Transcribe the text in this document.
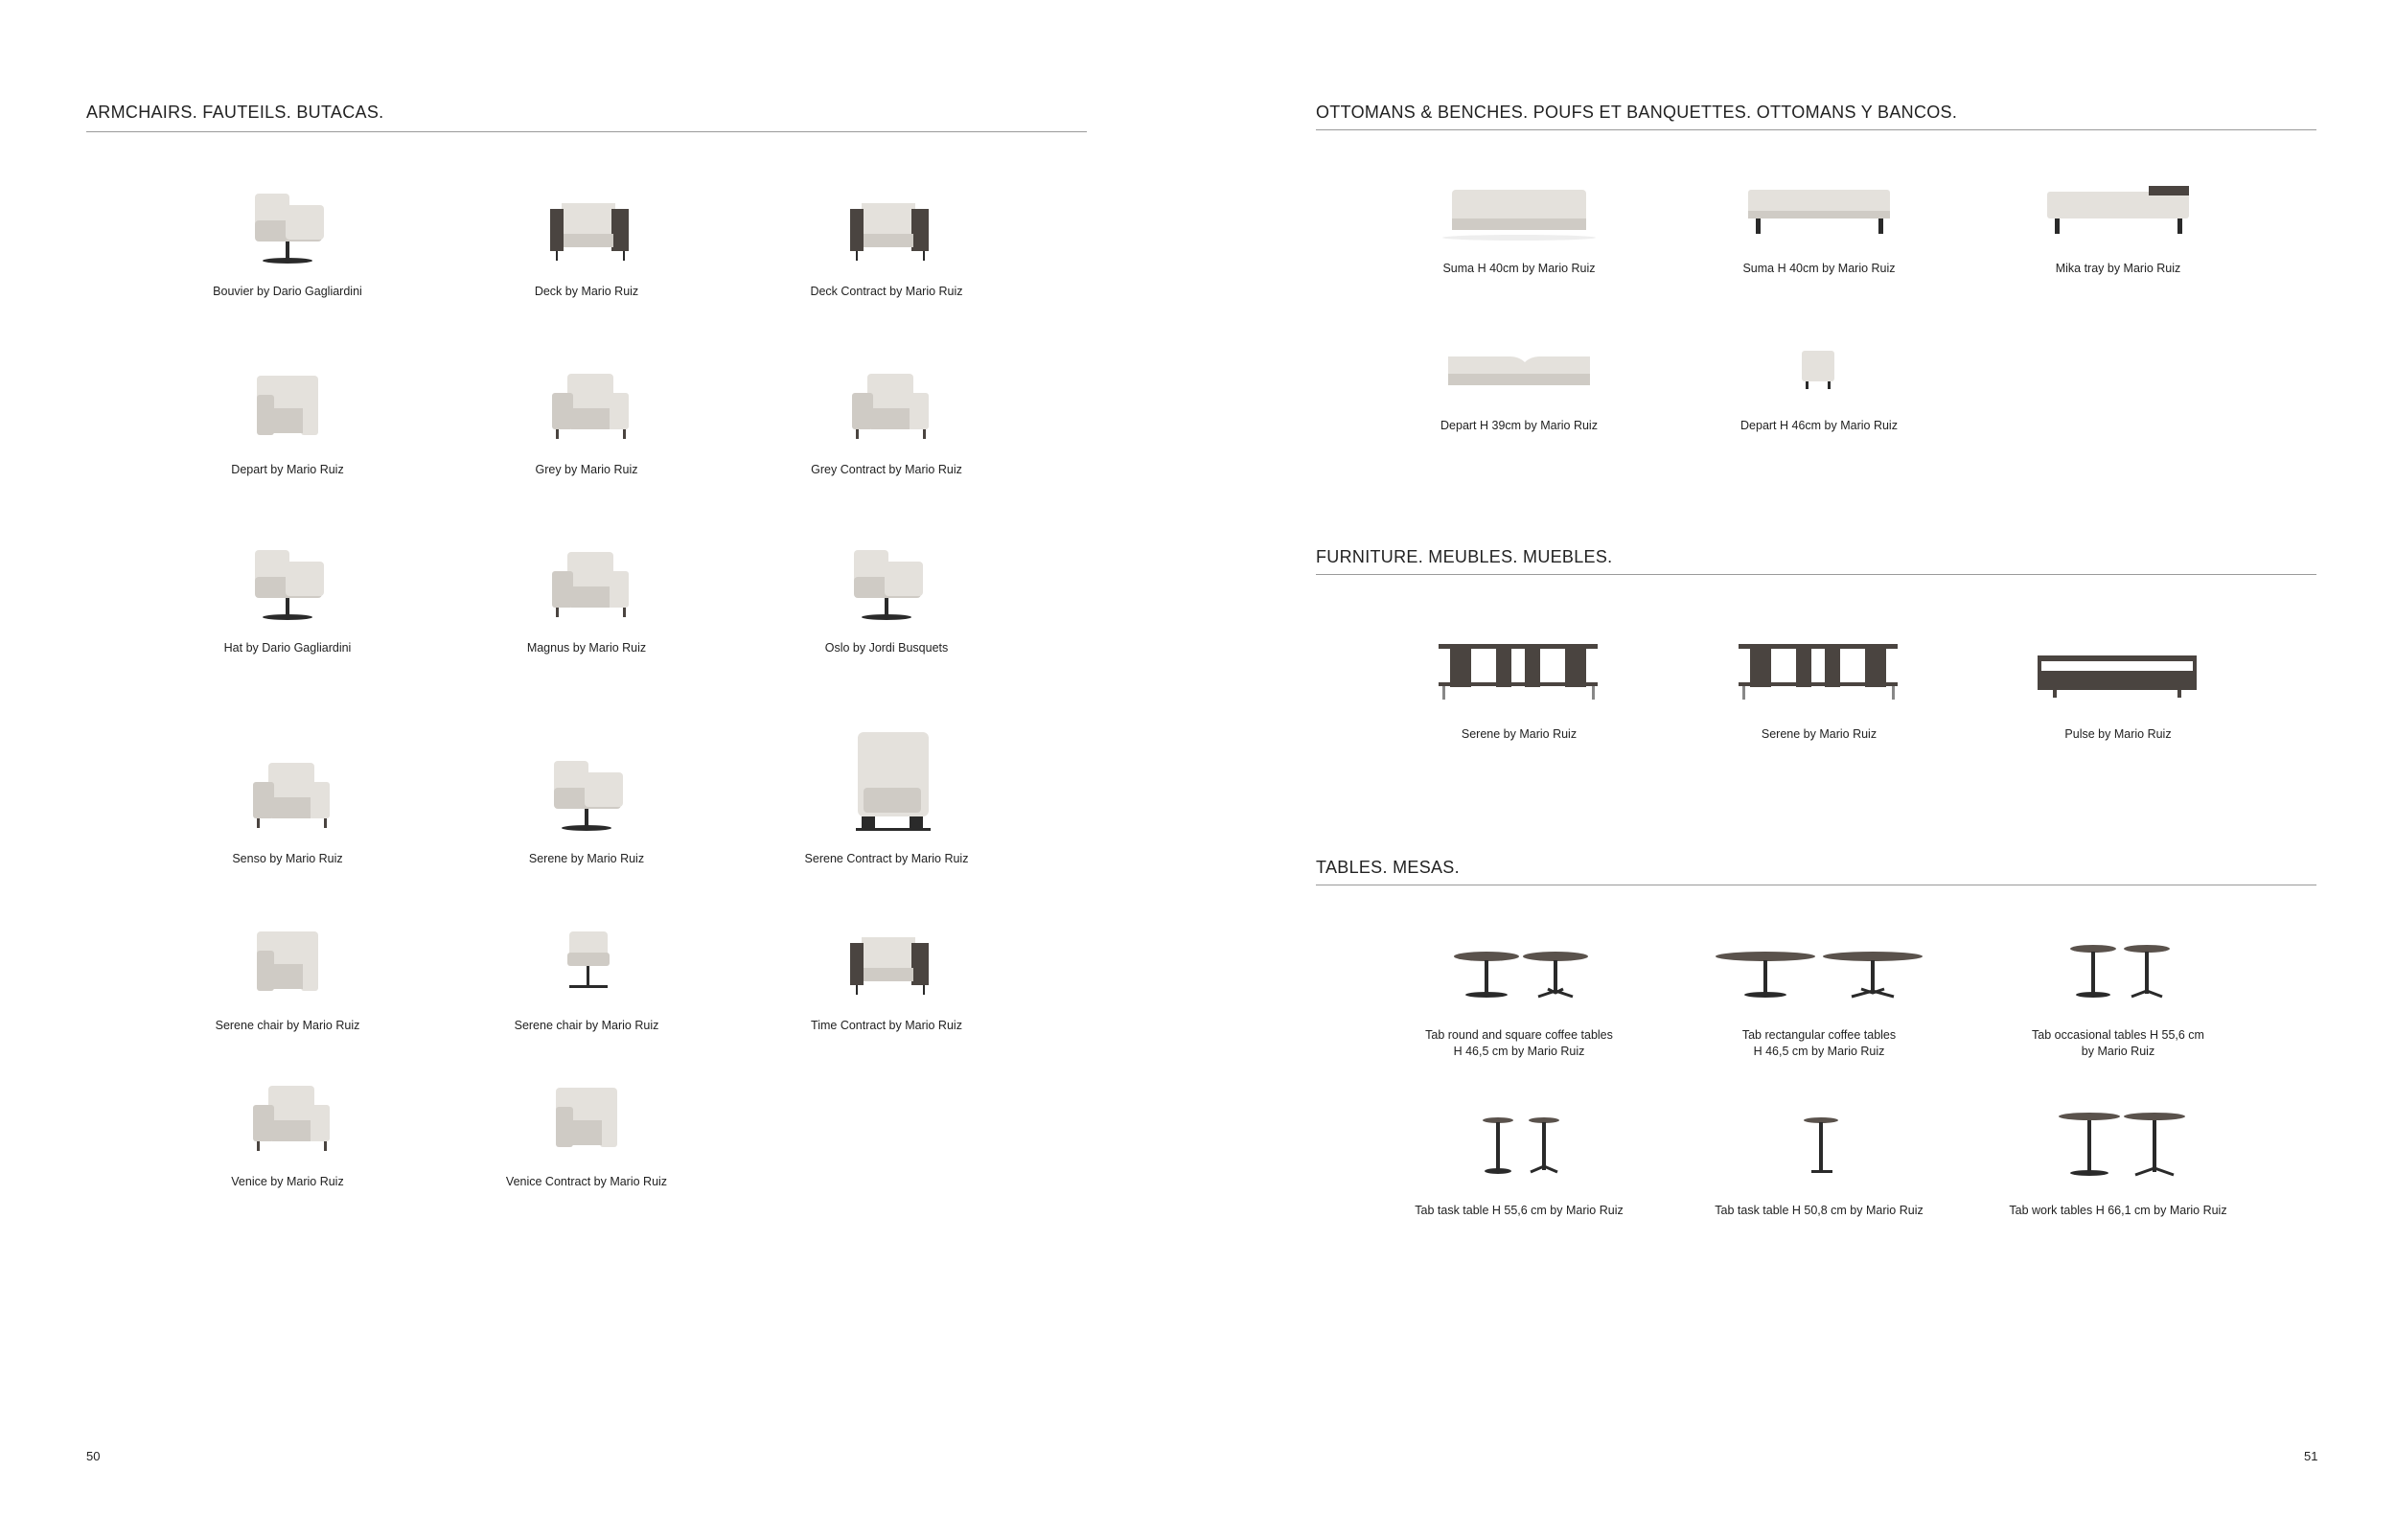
ARMCHAIRS. FAUTEILS. BUTACAS.
Bouvier by Dario Gagliardini	Deck by Mario Ruiz	Deck Contract by Mario Ruiz
Depart by Mario Ruiz	Grey by Mario Ruiz	Grey Contract by Mario Ruiz
Hat by Dario Gagliardini	Magnus by Mario Ruiz	Oslo by Jordi Busquets
Senso by Mario Ruiz	Serene by Mario Ruiz	Serene Contract by Mario Ruiz
Serene chair by Mario Ruiz	Serene chair by Mario Ruiz	Time Contract by Mario Ruiz
Venice by Mario Ruiz	Venice Contract by Mario Ruiz
50
OTTOMANS & BENCHES. POUFS ET BANQUETTES. OTTOMANS Y BANCOS.
FURNITURE. MEUBLES. MUEBLES.
TABLES. MESAS.
Suma H 40cm by Mario Ruiz	Suma H 40cm by Mario Ruiz	Mika tray by Mario Ruiz
Depart H 39cm by Mario Ruiz	Depart H 46cm by Mario Ruiz
Serene by Mario Ruiz	Serene by Mario Ruiz	Pulse by Mario Ruiz
Tab round and square coffee tables
H 46,5 cm by Mario Ruiz
Tab rectangular coffee tables
H 46,5 cm by Mario Ruiz
Tab occasional tables H 55,6 cm
by Mario Ruiz
Tab task table H 55,6 cm by Mario Ruiz	Tab task table H 50,8 cm by Mario Ruiz	Tab work tables H 66,1 cm by Mario Ruiz
51
